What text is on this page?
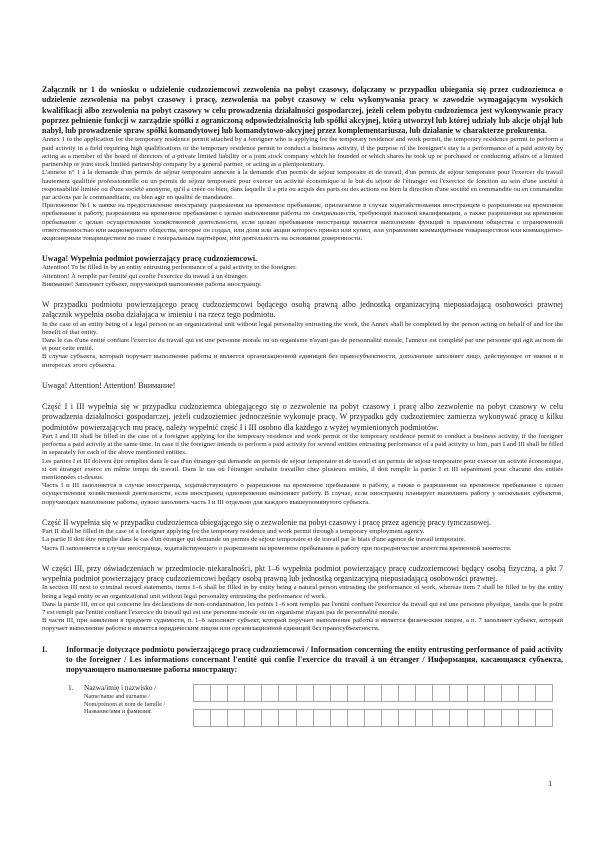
Załącznik nr 1 do wniosku o udzielenie cudzoziemcowi zezwolenia na pobyt czasowy, dołączany w przypadku ubiegania się przez cudzoziemca o udzielenie zezwolenia na pobyt czasowy i pracę, zezwolenia na pobyt czasowy w celu wykonywania pracy w zawodzie wymagającym wysokich kwalifikacji albo zezwolenia na pobyt czasowy w celu prowadzenia działalności gospodarczej, jeżeli celem pobytu cudzoziemca jest wykonywanie pracy poprzez pełnienie funkcji w zarządzie spółki z ograniczoną odpowiedzialnością lub spółki akcyjnej, którą utworzył lub której udziały lub akcje objął lub nabył, lub prowadzenie spraw spółki komandytowej lub komandytowo-akcyjnej przez komplementariusza, lub działanie w charakterze prokurenta.

Annex 1 to the application for the temporary residence permit attached by a foreigner who is applying for the temporary residence and work permit, the temporary residence permit to perform a paid activity in a field requiring high qualifications or the temporary residence permit to conduct a business activity, if the purpose of the foreigner's stay is a performance of a paid activity by acting as a member of the board of directors of a private limited liability or a joint stock company which he founded or which shares he took up or purchased or conducting affairs of a limited partnership or joint stock limited partnership company by a general partner, or acting as a plenipotentiary.

L'annexe n° 1 à la demande d'un permis de séjour temporaire annexée à la demande d'un permis de séjour temporaire et de travail, d'un permis de séjour temporaire pour l'exercer du travail hautement qualifiée professionnelle ou un permis de séjour temporaire pour exercer un activité économique si le but du séjour de l'étranger est l'exercice de fonction au sein d'une société à responsabilité limitée ou d'une société anonyme, qu'il a créée ou bien, dans laquelle il a pris ou acquis des parts ou des actions ou bien la direction d'une société en commandite ou en commandite par actions par le commanditaire, ou bien agir en qualité de mandataire.

Приложение №1 к заявке на предоставление иностранцу разрешения на временное пребывание, прилагаемое в случае ходатайствования иностранцем о разрешении на временное пребывание и работу, разрешении на временное пребывание с целью выполнения работы по специальности, требующей высокой квалификации, а также разрешении на временное пребывание с целью осуществления хозяйственной деятельности, если целью пребывания иностранца является выполнение функций в правлении общества с ограниченной ответственностью или акционерного общества, которое он создал, или доли или акции которого принял или купил, или управление коммандитным товариществом или коммандитно-акционерным товариществом во главе с генеральным партнёром, или деятельность на основании доверенности.

Uwaga! Wypełnia podmiot powierzający pracę cudzoziemcowi.

Attention! To be filled in by an entity entrusting performance of a paid activity to the foreigner.

Attention! À remplir par l'entité qui confie l'exercice du travail à un étranger.

Внимание! Заполняет субъект, поручающий выполнение работы иностранцу.

W przypadku podmiotu powierzającego pracę cudzoziemcowi będącego osobą prawną albo jednostką organizacyjną nieposiadającą osobowości prawnej załącznik wypełnia osoba działająca w imieniu i na rzecz tego podmiotu.

In the case of an entity being of a legal person or an organizational unit without legal personality entrusting the work, the Annex shall be completed by the person acting on behalf of and for the benefit of that entity.

Dans le cas d'une entité confiant l'exercice du travail qui est une personne morale ou un organisme n'ayant pas de personnalité morale, l'annexe est complété par une personne qui agit au nom de et pour cette entité.

В случае субъекта, который поручает выполнение работы и является организационной единицей без правосубъектности, дополнение заполняет лицо, действующее от имени и в интересах этого субъекта.

Uwaga! Attention! Attention! Внимание!

Część I i III wypełnia się w przypadku cudzoziemca ubiegającego się o zezwolenie na pobyt czasowy i pracę albo zezwolenie na pobyt czasowy w celu prowadzenia działalności gospodarczej, jeżeli cudzoziemiec jednocześnie wykonuje pracę. W przypadku gdy cudzoziemiec zamierza wykonywać pracę u kilku podmiotów powierzających mu pracę, należy wypełnić część I i III osobno dla każdego z wyżej wymienionych podmiotów.

Part I and III shall be filled in the case of a foreigner applying for the temporary residence and work permit or the temporary residence permit to conduct a business activity, if the foreigner performs a paid activity at the same time. In case if the foreigner intends to perform a paid activity for several entities entrusting performance of a paid activity to him, part I and III shall be filled in separately for each of the above mentioned entities.

Les parties I et III doivent être remplies dans le cas d'un étranger qui demande un permis de séjour temporaire et de travail et un permis de séjour temporaire pour exercer un activité économique, si cet étranger exerce en même temps du travail. Dans le cas où l'étranger souhaite travailler chez plusieurs entités, il doit remplir la partie I et III séparément pour chacune des entités mentionnées ci-dessus.

Часть I и III заполняется в случае иностранца, ходатайствующего о разрешении на временное пребывание и работу, а также о разрешении на временное пребывание с целью осуществления хозяйственной деятельности, если иностранец одновременно выполняет работу. В случае, если иностранец планирует выполнять работу у нескольких субъектов, поручающих выполнение работы, нужно заполнить часть I и III отдельно для каждого вышеупомянутого субъекта.

Część II wypełnia się w przypadku cudzoziemca ubiegającego się o zezwolenie na pobyt czasowy i pracę przez agencję pracy tymczasowej.

Part II shall be filled in the case of a foreigner applying for the temporary residence and work permit through a temporary employment agency.

La partie II doit être remplie dans le cas d'un étranger qui demande un permis de séjour temporaire et de travail par le biais d'une agence de travail temporaire.

Часть II заполняется в случае иностранца, ходатайствующего о разрешении на временное пребывание и работу при посредничестве агентства временной занятости.

W części III, przy oświadczeniach w przedmiocie niekaralności, pkt 1–6 wypełnia podmiot powierzający pracę cudzoziemcowi będący osobą fizyczną, a pkt 7 wypełnia podmiot powierzający pracę cudzoziemcowi będący osobą prawną lub jednostką organizacyjną nieposiadającą osobowości prawnej.

In section III next to criminal record statements, items 1–6 shall be filled in by entity being a natural person entrusting the performance of work, whereas item 7 shall be filled in by the entity being a legal entity or an organizational unit without legal personality entrusting the performance of work.

Dans la partie III, en ce qui concerne les déclarations de non-condamnation, les points 1–6 sont remplis par l'entité confiant l'exercice du travail qui est une personne physique, tandis que le point 7 est rempli par l'entité confiant l'exercice du travail qui est une personne morale ou un organisme n'ayant pas de personnalité morale.

В части III, при заявлении в предмете судимости, п. 1–6 заполняет субъект, который поручает выполнение работы и является физическим лицом, а п. 7 заполняет субъект, который поручает выполнение работы и является юридическим лицом или организационной единицей без правосубъектности.

I.	Informacje dotyczące podmiotu powierzającego pracę cudzoziemcowi / Information concerning the entity entrusting performance of paid activity to the foreigner / Les informations concernant l'entité qui confie l'exercice du travail à un étranger / Информация, касающаяся субъекта, поручающего выполнение работы иностранцу:

1.	Nazwa/imię i nazwisko /

Name/name and surname /

Nom/prénom et nom de famille /

Название/имя и фамилия:

1
